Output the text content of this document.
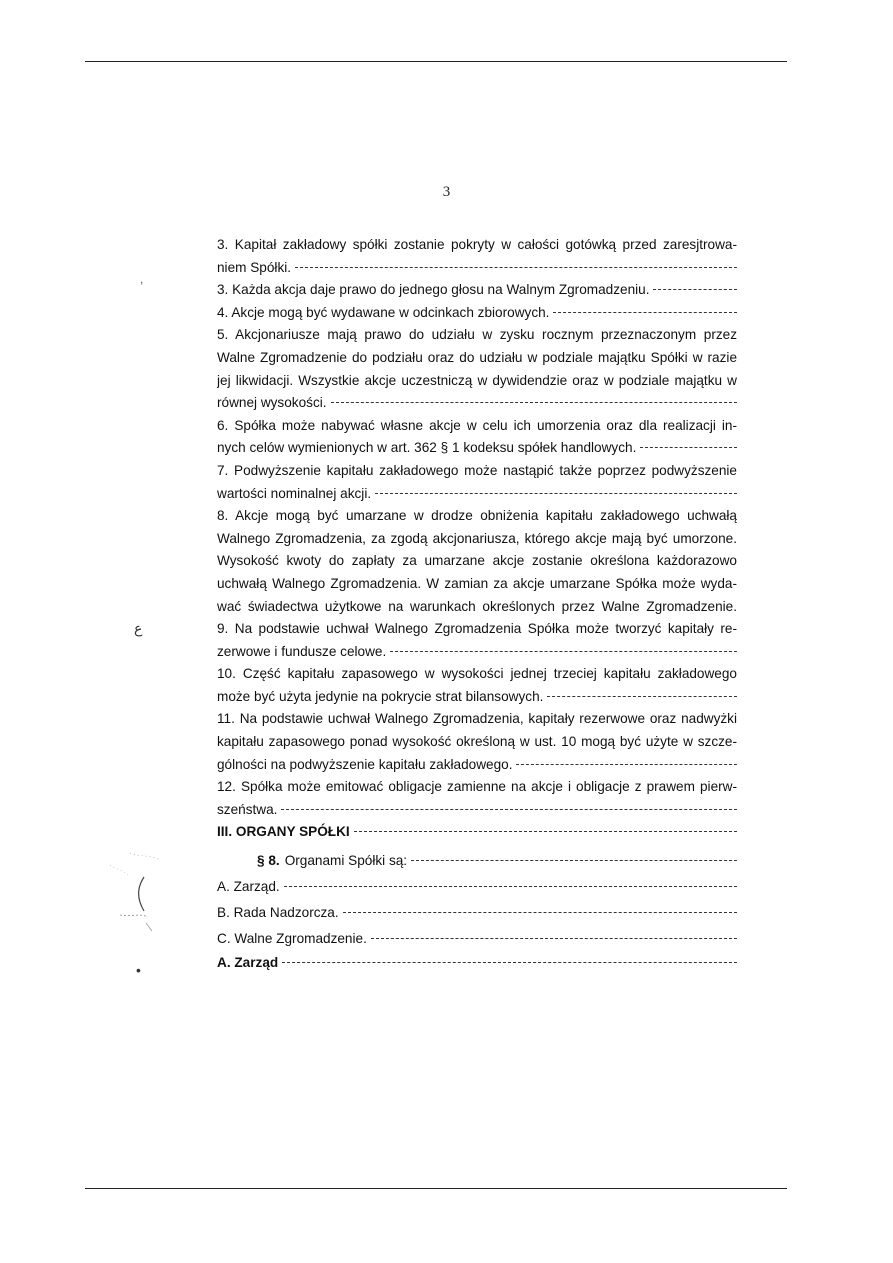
3
,
ع
•
3. Kapitał zakładowy spółki zostanie pokryty w całości gotówką przed zaresjtrowa-
niem Spółki.
3. Każda akcja daje prawo do jednego głosu na Walnym Zgromadzeniu.
4. Akcje mogą być wydawane w odcinkach zbiorowych.
5. Akcjonariusze mają prawo do udziału w zysku rocznym przeznaczonym przez
Walne Zgromadzenie do podziału oraz do udziału w podziale majątku Spółki w razie
jej likwidacji. Wszystkie akcje uczestniczą w dywidendzie oraz w podziale majątku w
równej wysokości.
6. Spółka może nabywać własne akcje w celu ich umorzenia oraz dla realizacji in-
nych celów wymienionych w art. 362 § 1 kodeksu spółek handlowych.
7. Podwyższenie kapitału zakładowego może nastąpić także poprzez podwyższenie
wartości nominalnej akcji.
8. Akcje mogą być umarzane w drodze obniżenia kapitału zakładowego uchwałą
Walnego Zgromadzenia, za zgodą akcjonariusza, którego akcje mają być umorzone.
Wysokość kwoty do zapłaty za umarzane akcje zostanie określona każdorazowo
uchwałą Walnego Zgromadzenia. W zamian za akcje umarzane Spółka może wyda-
wać świadectwa użytkowe na warunkach określonych przez Walne Zgromadzenie.
9. Na podstawie uchwał Walnego Zgromadzenia Spółka może tworzyć kapitały re-
zerwowe i fundusze celowe.
10. Część kapitału zapasowego w wysokości jednej trzeciej kapitału zakładowego
może być użyta jedynie na pokrycie strat bilansowych.
11. Na podstawie uchwał Walnego Zgromadzenia, kapitały rezerwowe oraz nadwyżki
kapitału zapasowego ponad wysokość określoną w ust. 10 mogą być użyte w szcze-
gólności na podwyższenie kapitału zakładowego.
12. Spółka może emitować obligacje zamienne na akcje i obligacje z prawem pierw-
szeństwa.
III. ORGANY SPÓŁKI
§ 8. Organami Spółki są:
A. Zarząd.
B. Rada Nadzorcza.
C. Walne Zgromadzenie.
A. Zarząd
